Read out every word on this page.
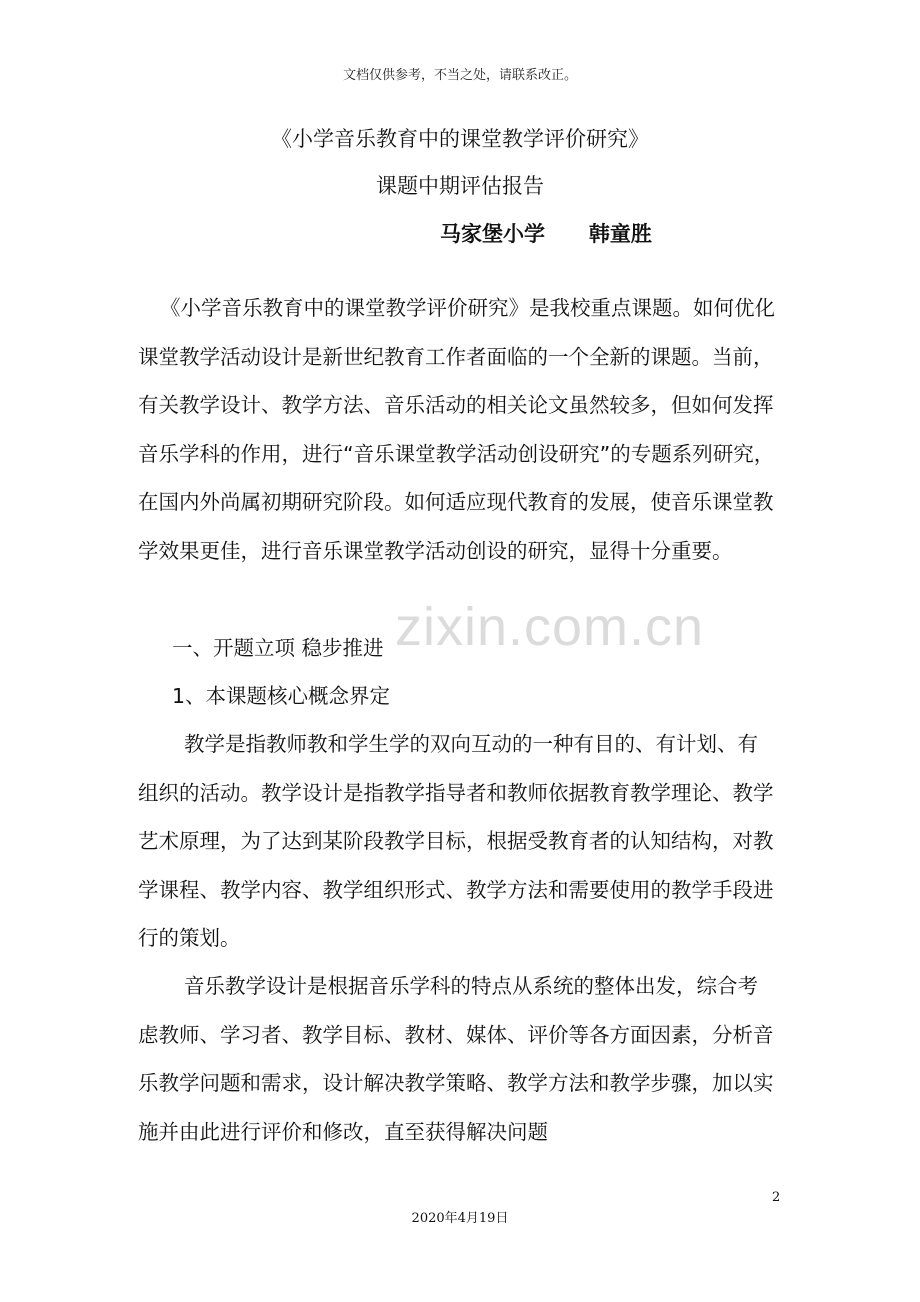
文档仅供参考，不当之处，请联系改正。
《小学音乐教育中的课堂教学评价研究》
课题中期评估报告
马家堡小学      韩童胜

《小学音乐教育中的课堂教学评价研究》是我校重点课题。如何优化课堂教学活动设计是新世纪教育工作者面临的一个全新的课题。当前，有关教学设计、教学方法、音乐活动的相关论文虽然较多，但如何发挥音乐学科的作用，进行“音乐课堂教学活动创设研究”的专题系列研究，在国内外尚属初期研究阶段。如何适应现代教育的发展，使音乐课堂教学效果更佳，进行音乐课堂教学活动创设的研究，显得十分重要。

一、开题立项 稳步推进

1、本课题核心概念界定

教学是指教师教和学生学的双向互动的一种有目的、有计划、有组织的活动。教学设计是指教学指导者和教师依据教育教学理论、教学艺术原理，为了达到某阶段教学目标，根据受教育者的认知结构，对教学课程、教学内容、教学组织形式、教学方法和需要使用的教学手段进行的策划。

音乐教学设计是根据音乐学科的特点从系统的整体出发，综合考虑教师、学习者、教学目标、教材、媒体、评价等各方面因素，分析音乐教学问题和需求，设计解决教学策略、教学方法和教学步骤，加以实施并由此进行评价和修改，直至获得解决问题

zixin.com.cn
2
2020年4月19日
